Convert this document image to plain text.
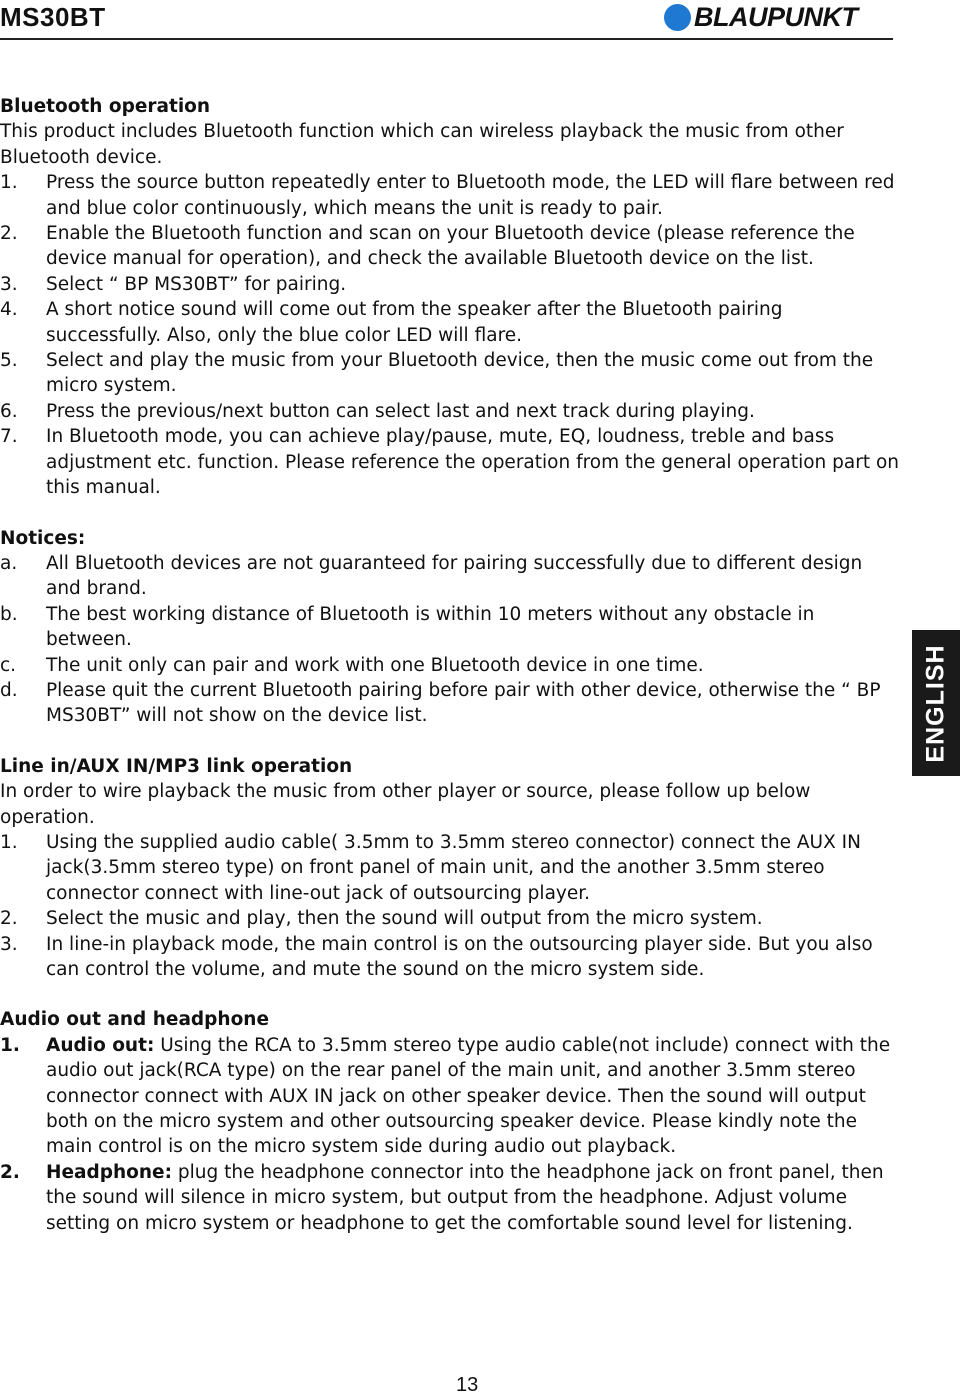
MS30BT	BLAUPUNKT
Bluetooth operation
This product includes Bluetooth function which can wireless playback the music from other Bluetooth device.
1.	Press the source button repeatedly enter to Bluetooth mode, the LED will flare between red and blue color continuously, which means the unit is ready to pair.
2.	Enable the Bluetooth function and scan on your Bluetooth device (please reference the device manual for operation), and check the available Bluetooth device on the list.
3.	Select “ BP MS30BT” for pairing.
4.	A short notice sound will come out from the speaker after the Bluetooth pairing successfully. Also, only the blue color LED will flare.
5.	Select and play the music from your Bluetooth device, then the music come out from the micro system.
6.	Press the previous/next button can select last and next track during playing.
7.	In Bluetooth mode, you can achieve play/pause, mute, EQ, loudness, treble and bass adjustment etc. function. Please reference the operation from the general operation part on this manual.
Notices:
a.	All Bluetooth devices are not guaranteed for pairing successfully due to different design and brand.
b.	The best working distance of Bluetooth is within 10 meters without any obstacle in between.
c.	The unit only can pair and work with one Bluetooth device in one time.
d.	Please quit the current Bluetooth pairing before pair with other device, otherwise the “ BP MS30BT” will not show on the device list.
Line in/AUX IN/MP3 link operation
In order to wire playback the music from other player or source, please follow up below operation.
1.	Using the supplied audio cable( 3.5mm to 3.5mm stereo connector) connect the AUX IN jack(3.5mm stereo type) on front panel of main unit, and the another 3.5mm stereo connector connect with line-out jack of outsourcing player.
2.	Select the music and play, then the sound will output from the micro system.
3.	In line-in playback mode, the main control is on the outsourcing player side. But you also can control the volume, and mute the sound on the micro system side.
Audio out and headphone
1.	Audio out: Using the RCA to 3.5mm stereo type audio cable(not include) connect with the audio out jack(RCA type) on the rear panel of the main unit, and another 3.5mm stereo connector connect with AUX IN jack on other speaker device. Then the sound will output both on the micro system and other outsourcing speaker device. Please kindly note the main control is on the micro system side during audio out playback.
2.	Headphone: plug the headphone connector into the headphone jack on front panel, then the sound will silence in micro system, but output from the headphone. Adjust volume setting on micro system or headphone to get the comfortable sound level for listening.
ENGLISH
13
